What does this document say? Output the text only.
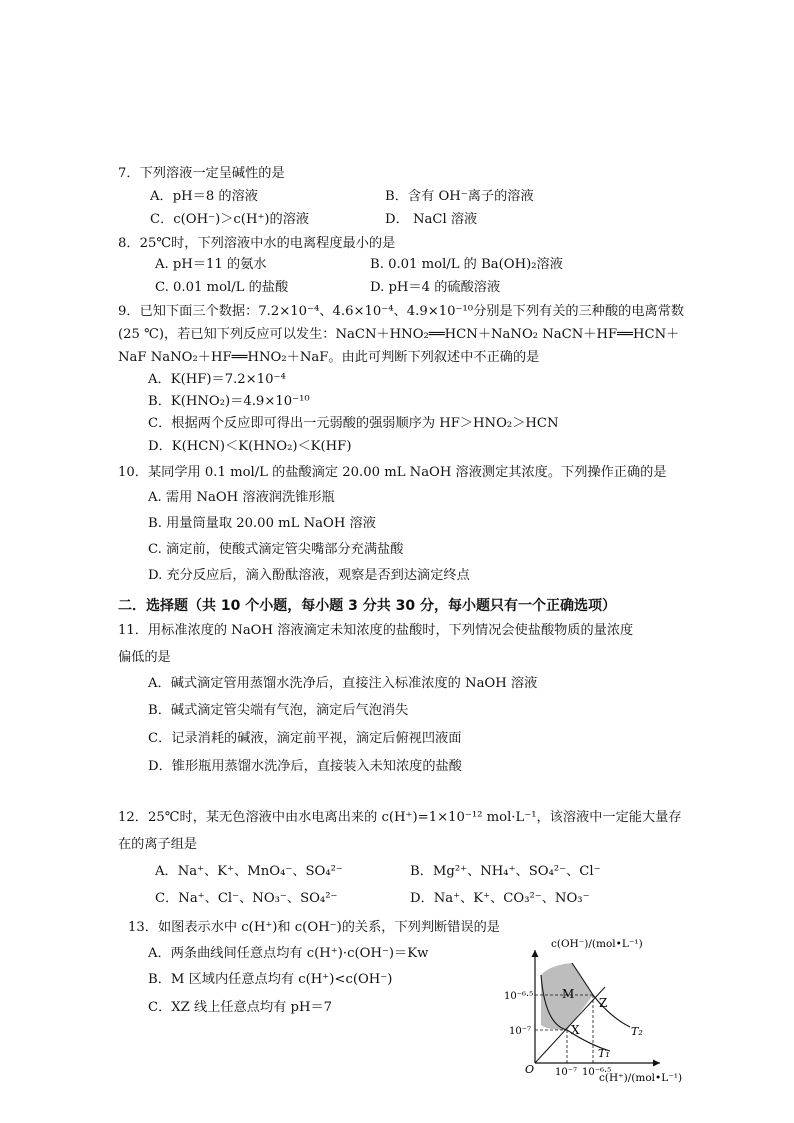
7．下列溶液一定呈碱性的是
A．pH＝8 的溶液	B．含有 OH⁻离子的溶液
C．c(OH⁻)＞c(H⁺)的溶液	D． NaCl 溶液
8．25℃时，下列溶液中水的电离程度最小的是
A. pH＝11 的氨水	B. 0.01 mol/L 的 Ba(OH)₂溶液
C. 0.01 mol/L 的盐酸	D. pH＝4 的硫酸溶液
9．已知下面三个数据：7.2×10⁻⁴、4.6×10⁻⁴、4.9×10⁻¹⁰分别是下列有关的三种酸的电离常数
(25 ℃)，若已知下列反应可以发生：NaCN＋HNO₂══HCN＋NaNO₂ NaCN＋HF══HCN＋
NaF NaNO₂＋HF══HNO₂＋NaF。由此可判断下列叙述中不正确的是
A．K(HF)＝7.2×10⁻⁴
B．K(HNO₂)＝4.9×10⁻¹⁰
C．根据两个反应即可得出一元弱酸的强弱顺序为 HF＞HNO₂＞HCN
D．K(HCN)＜K(HNO₂)＜K(HF)
10．某同学用 0.1 mol/L 的盐酸滴定 20.00 mL NaOH 溶液测定其浓度。下列操作正确的是
A. 需用 NaOH 溶液润洗锥形瓶
B. 用量筒量取 20.00 mL NaOH 溶液
C. 滴定前，使酸式滴定管尖嘴部分充满盐酸
D. 充分反应后，滴入酚酞溶液，观察是否到达滴定终点
二．选择题（共 10 个小题，每小题 3 分共 30 分，每小题只有一个正确选项）
11．用标准浓度的 NaOH 溶液滴定未知浓度的盐酸时，下列情况会使盐酸物质的量浓度
偏低的是
A．碱式滴定管用蒸馏水洗净后，直接注入标准浓度的 NaOH 溶液
B．碱式滴定管尖端有气泡，滴定后气泡消失
C．记录消耗的碱液，滴定前平视，滴定后俯视凹液面
D．锥形瓶用蒸馏水洗净后，直接装入未知浓度的盐酸
12．25℃时，某无色溶液中由水电离出来的 c(H⁺)=1×10⁻¹² mol·L⁻¹，该溶液中一定能大量存
在的离子组是
A．Na⁺、K⁺、MnO₄⁻、SO₄²⁻	B．Mg²⁺、NH₄⁺、SO₄²⁻、Cl⁻
C．Na⁺、Cl⁻、NO₃⁻、SO₄²⁻	D．Na⁺、K⁺、CO₃²⁻、NO₃⁻
13．如图表示水中 c(H⁺)和 c(OH⁻)的关系，下列判断错误的是
A．两条曲线间任意点均有 c(H⁺)·c(OH⁻)＝Kw
B．M 区域内任意点均有 c(H⁺)<c(OH⁻)
C．XZ 线上任意点均有 pH＝7
c(OH⁻)/(mol•L⁻¹)
c(H⁺)/(mol•L⁻¹)
O
10⁻⁶·⁵
10⁻⁷
10⁻⁷ 10⁻⁶·⁵
M
X
Z
T₁
T₂
